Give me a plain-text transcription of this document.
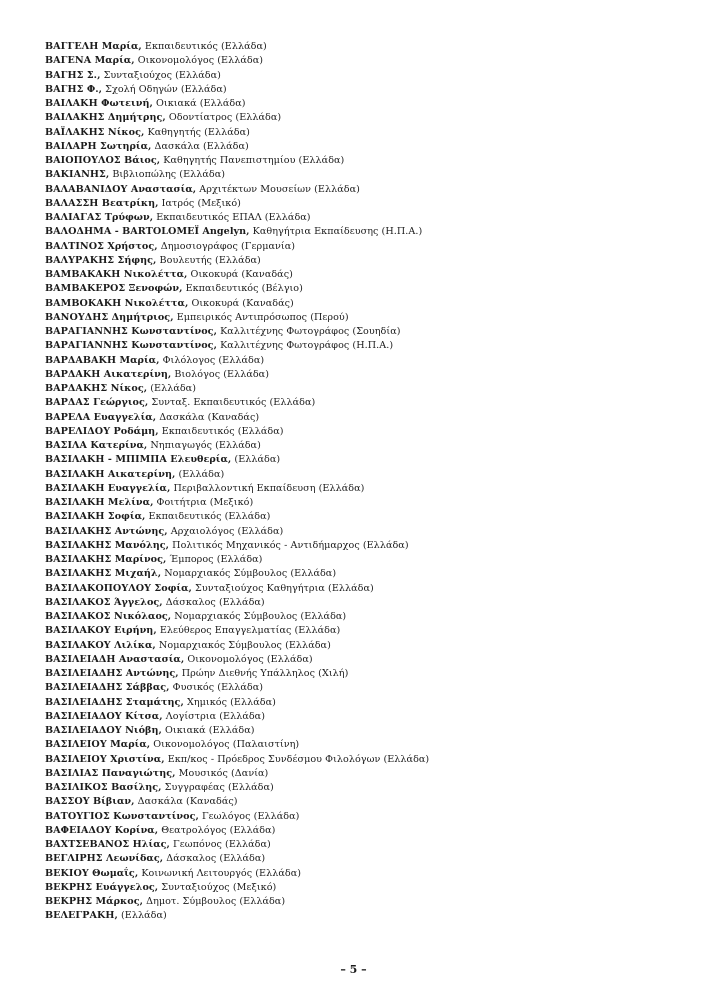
ΒΑΓΓΕΛΗ Μαρία, Εκπαιδευτικός (Ελλάδα)
ΒΑΓΕΝΑ Μαρία, Οικονομολόγος (Ελλάδα)
ΒΑΓΗΣ Σ., Συνταξιούχος (Ελλάδα)
ΒΑΓΗΣ Φ., Σχολή Οδηγών (Ελλάδα)
ΒΑΙΛΑΚΗ Φωτεινή, Οικιακά (Ελλάδα)
ΒΑΙΛΑΚΗΣ Δημήτρης, Οδοντίατρος (Ελλάδα)
ΒΑΪΛΑΚΗΣ Νίκος, Καθηγητής (Ελλάδα)
ΒΑΙΛΑΡΗ Σωτηρία, Δασκάλα (Ελλάδα)
ΒΑΙΟΠΟΥΛΟΣ Βάιος, Καθηγητής Πανεπιστημίου (Ελλάδα)
ΒΑΚΙΑΝΗΣ, Βιβλιοπώλης (Ελλάδα)
ΒΑΛΑΒΑΝΙΔΟΥ Αναστασία, Αρχιτέκτων Μουσείων (Ελλάδα)
ΒΑΛΑΣΣΗ Βεατρίκη, Ιατρός (Μεξικό)
ΒΑΛΙΑΓΑΣ Τρύφων, Εκπαιδευτικός ΕΠΑΛ (Ελλάδα)
ΒΑΛΟΔΗΜΑ - BARTOLOMEÏ Angelyn, Καθηγήτρια Εκπαίδευσης (Η.Π.Α.)
ΒΑΛΤΙΝΟΣ Χρήστος, Δημοσιογράφος (Γερμανία)
ΒΑΛΥΡΑΚΗΣ Σήφης, Βουλευτής (Ελλάδα)
ΒΑΜΒΑΚΑΚΗ Νικολέττα, Οικοκυρά (Καναδάς)
ΒΑΜΒΑΚΕΡΟΣ Ξενοφών, Εκπαιδευτικός (Βέλγιο)
ΒΑΜΒΟΚΑΚΗ Νικολέττα, Οικοκυρά (Καναδάς)
ΒΑΝΟΥΔΗΣ Δημήτριος, Εμπειρικός Αντιπρόσωπος (Περού)
ΒΑΡΑΓΙΑΝΝΗΣ Κωνσταντίνος, Καλλιτέχνης Φωτογράφος (Σουηδία)
ΒΑΡΑΓΙΑΝΝΗΣ Κωνσταντίνος, Καλλιτέχνης Φωτογράφος (Η.Π.Α.)
ΒΑΡΔΑΒΑΚΗ Μαρία, Φιλόλογος (Ελλάδα)
ΒΑΡΔΑΚΗ Αικατερίνη, Βιολόγος (Ελλάδα)
ΒΑΡΔΑΚΗΣ Νίκος, (Ελλάδα)
ΒΑΡΔΑΣ Γεώργιος, Συνταξ. Εκπαιδευτικός (Ελλάδα)
ΒΑΡΕΛΑ Ευαγγελία, Δασκάλα (Καναδάς)
ΒΑΡΕΛΙΔΟΥ Ροδάμη, Εκπαιδευτικός (Ελλάδα)
ΒΑΣΙΛΑ Κατερίνα, Νηπιαγωγός (Ελλάδα)
ΒΑΣΙΛΑΚΗ - ΜΠΙΜΠΑ Ελευθερία, (Ελλάδα)
ΒΑΣΙΛΑΚΗ Αικατερίνη, (Ελλάδα)
ΒΑΣΙΛΑΚΗ Ευαγγελία, Περιβαλλοντική Εκπαίδευση (Ελλάδα)
ΒΑΣΙΛΑΚΗ Μελίνα, Φοιτήτρια (Μεξικό)
ΒΑΣΙΛΑΚΗ Σοφία, Εκπαιδευτικός (Ελλάδα)
ΒΑΣΙΛΑΚΗΣ Αντώνης, Αρχαιολόγος (Ελλάδα)
ΒΑΣΙΛΑΚΗΣ Μανόλης, Πολιτικός Μηχανικός - Αντιδήμαρχος (Ελλάδα)
ΒΑΣΙΛΑΚΗΣ Μαρίνος, Έμπορος (Ελλάδα)
ΒΑΣΙΛΑΚΗΣ Μιχαήλ, Νομαρχιακός Σύμβουλος (Ελλάδα)
ΒΑΣΙΛΑΚΟΠΟΥΛΟΥ Σοφία, Συνταξιούχος Καθηγήτρια (Ελλάδα)
ΒΑΣΙΛΑΚΟΣ Άγγελος, Δάσκαλος (Ελλάδα)
ΒΑΣΙΛΑΚΟΣ Νικόλαος, Νομαρχιακός Σύμβουλος (Ελλάδα)
ΒΑΣΙΛΑΚΟΥ Ειρήνη, Ελεύθερος Επαγγελματίας (Ελλάδα)
ΒΑΣΙΛΑΚΟΥ Λιλίκα, Νομαρχιακός Σύμβουλος (Ελλάδα)
ΒΑΣΙΛΕΙΑΔΗ Αναστασία, Οικονομολόγος (Ελλάδα)
ΒΑΣΙΛΕΙΑΔΗΣ Αντώνης, Πρώην Διεθνής Υπάλληλος (Χιλή)
ΒΑΣΙΛΕΙΑΔΗΣ Σάββας, Φυσικός (Ελλάδα)
ΒΑΣΙΛΕΙΑΔΗΣ Σταμάτης, Χημικός (Ελλάδα)
ΒΑΣΙΛΕΙΑΔΟΥ Κίτσα, Λογίστρια (Ελλάδα)
ΒΑΣΙΛΕΙΑΔΟΥ Νιόβη, Οικιακά (Ελλάδα)
ΒΑΣΙΛΕΙΟΥ Μαρία, Οικονομολόγος (Παλαιστίνη)
ΒΑΣΙΛΕΙΟΥ Χριστίνα, Εκπ/κος - Πρόεδρος Συνδέσμου Φιλολόγων (Ελλάδα)
ΒΑΣΙΛΙΑΣ Παναγιώτης, Μουσικός (Δανία)
ΒΑΣΙΛΙΚΟΣ Βασίλης, Συγγραφέας (Ελλάδα)
ΒΑΣΣΟΥ Βίβιαν, Δασκάλα (Καναδάς)
ΒΑΤΟΥΓΙΟΣ Κωνσταντίνος, Γεωλόγος (Ελλάδα)
ΒΑΦΕΙΑΔΟΥ Κορίνα, Θεατρολόγος (Ελλάδα)
ΒΑΧΤΣΕΒΑΝΟΣ Ηλίας, Γεωπόνος (Ελλάδα)
ΒΕΓΛΙΡΗΣ Λεωνίδας, Δάσκαλος (Ελλάδα)
ΒΕΚΙΟΥ Θωμαΐς, Κοινωνική Λειτουργός (Ελλάδα)
ΒΕΚΡΗΣ Ευάγγελος, Συνταξιούχος (Μεξικό)
ΒΕΚΡΗΣ Μάρκος, Δημοτ. Σύμβουλος (Ελλάδα)
ΒΕΛΕΓΡΑΚΗ, (Ελλάδα)
– 5 –
